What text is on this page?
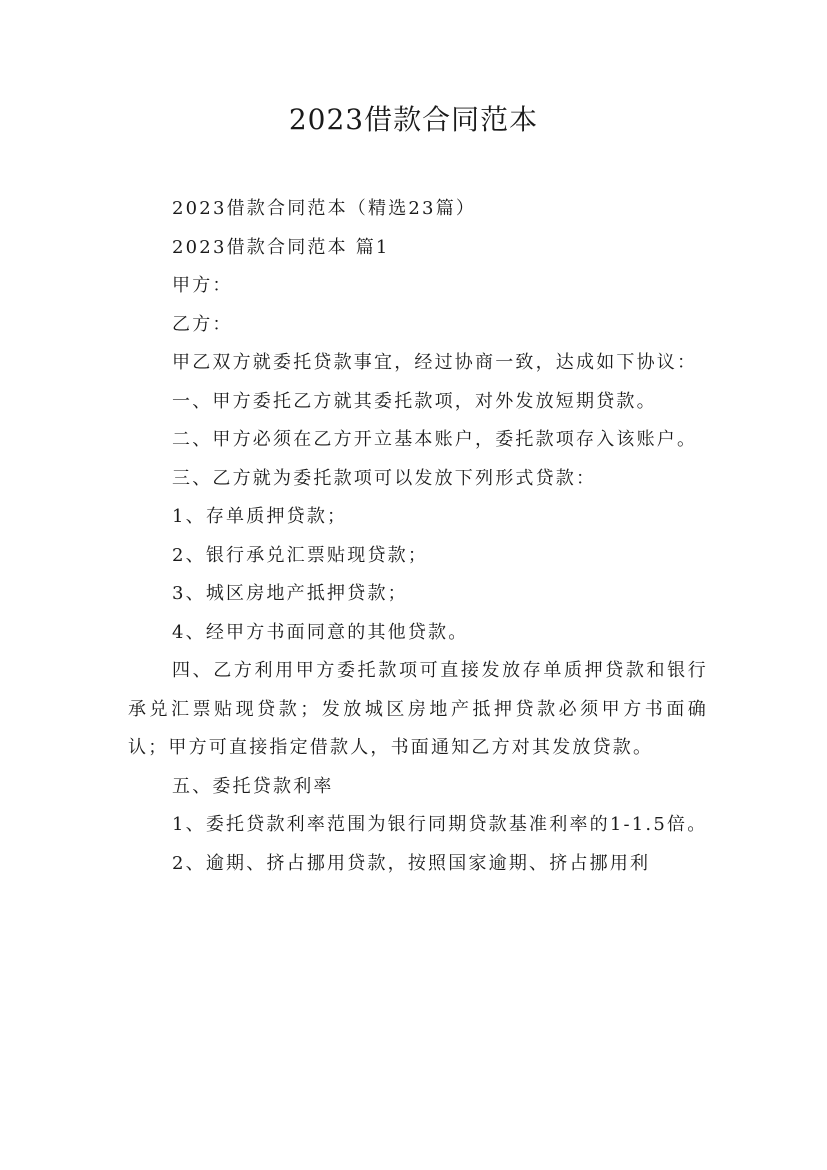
2023借款合同范本

2023借款合同范本（精选23篇）

2023借款合同范本 篇1

甲方：

乙方：

甲乙双方就委托贷款事宜，经过协商一致，达成如下协议：

一、甲方委托乙方就其委托款项，对外发放短期贷款。

二、甲方必须在乙方开立基本账户，委托款项存入该账户。

三、乙方就为委托款项可以发放下列形式贷款：

1、存单质押贷款；

2、银行承兑汇票贴现贷款；

3、城区房地产抵押贷款；

4、经甲方书面同意的其他贷款。

四、乙方利用甲方委托款项可直接发放存单质押贷款和银行承兑汇票贴现贷款；发放城区房地产抵押贷款必须甲方书面确认；甲方可直接指定借款人，书面通知乙方对其发放贷款。

五、委托贷款利率

1、委托贷款利率范围为银行同期贷款基准利率的1-1.5倍。

2、逾期、挤占挪用贷款，按照国家逾期、挤占挪用利
